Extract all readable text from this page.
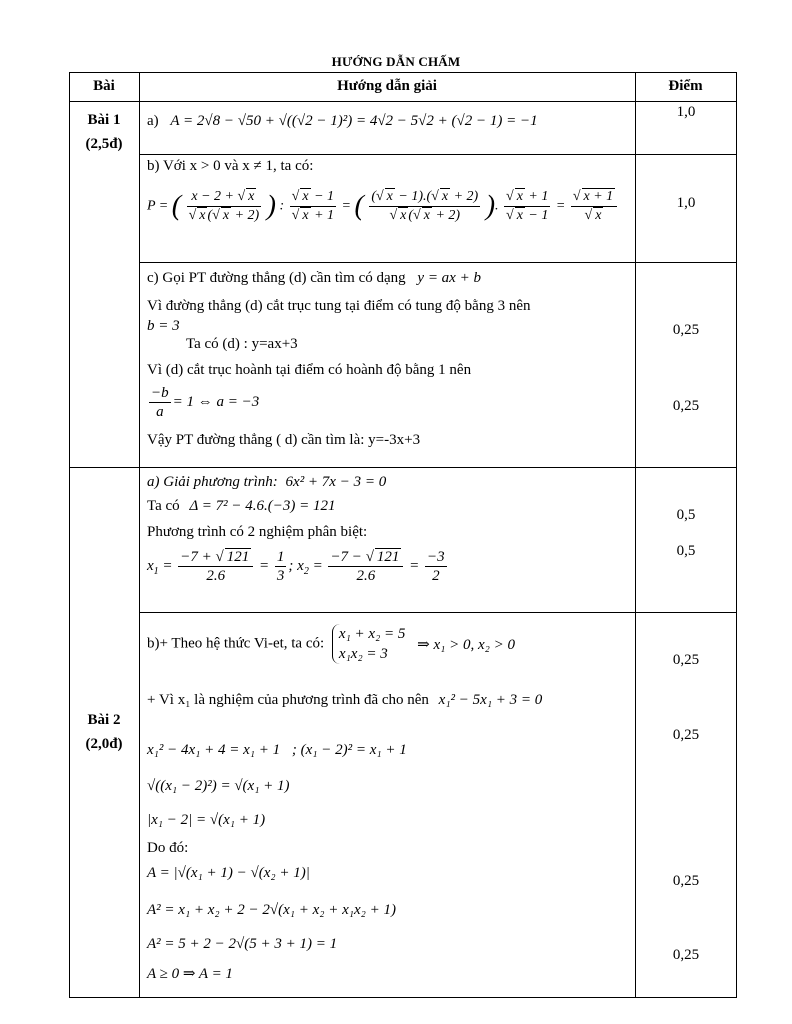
HƯỚNG DẪN CHẤM
Bài	Hướng dẫn giải	Điểm
Bài 1
(2,5đ)
Bài 2
(2,0đ)
1,0
1,0
0,25
0,25
0,5
0,5
0,25
0,25
0,25
0,25
a) A = 2√8 − √50 + √((√2 − 1)²) = 4√2 − 5√2 + (√2 − 1) = −1
b) Với x > 0 và x ≠ 1, ta có:
P = ( $\frac{x - 2 + √ x}{√ x (√ x + 2)}$ ) : $\frac{√ x - 1}{√ x + 1}$ = ( $\frac{(√ x - 1).(√ x + 2)}{√ x (√ x + 2)}$ ). $\frac{√ x + 1}{√ x - 1} = \frac{√ x + 1}{√ x}$
c) Gọi PT đường thẳng (d) cần tìm có dạng y = ax + b
Vì đường thẳng (d) cắt trục tung tại điểm có tung độ bằng 3 nên
b = 3
Ta có (d) : y=ax+3
Vì (d) cắt trục hoành tại điểm có hoành độ bằng 1 nên
$\frac{-b}{a} = 1$ ⇔ a = −3
Vậy PT đường thẳng ( d) cần tìm là: y=-3x+3
a) Giải phương trình: 6x² + 7x − 3 = 0
Ta có Δ = 7² − 4.6.(−3) = 121
Phương trình có 2 nghiệm phân biệt:
$x_1 = \frac{-7 + √ 121}{2.6} = \frac{1}{3}$ ; $x_2 = \frac{-7 - √ 121}{2.6} = \frac{-3}{2}$
b)+ Theo hệ thức Vi-et, ta có:
x₁ + x₂ = 5
x₁x₂ = 3
⇒ x₁ > 0, x₂ > 0
+ Vì x₁ là nghiệm của phương trình đã cho nên x₁² − 5x₁ + 3 = 0
x₁² − 4x₁ + 4 = x₁ + 1 ; (x₁ − 2)² = x₁ + 1
√((x₁ − 2)²) = √(x₁ + 1)
|x₁ − 2| = √(x₁ + 1)
Do đó:
A = |√(x₁ + 1) − √(x₂ + 1)|
A² = x₁ + x₂ + 2 − 2√(x₁ + x₂ + x₁x₂ + 1)
A² = 5 + 2 − 2√(5 + 3 + 1) = 1
A ≥ 0 ⇒ A = 1
